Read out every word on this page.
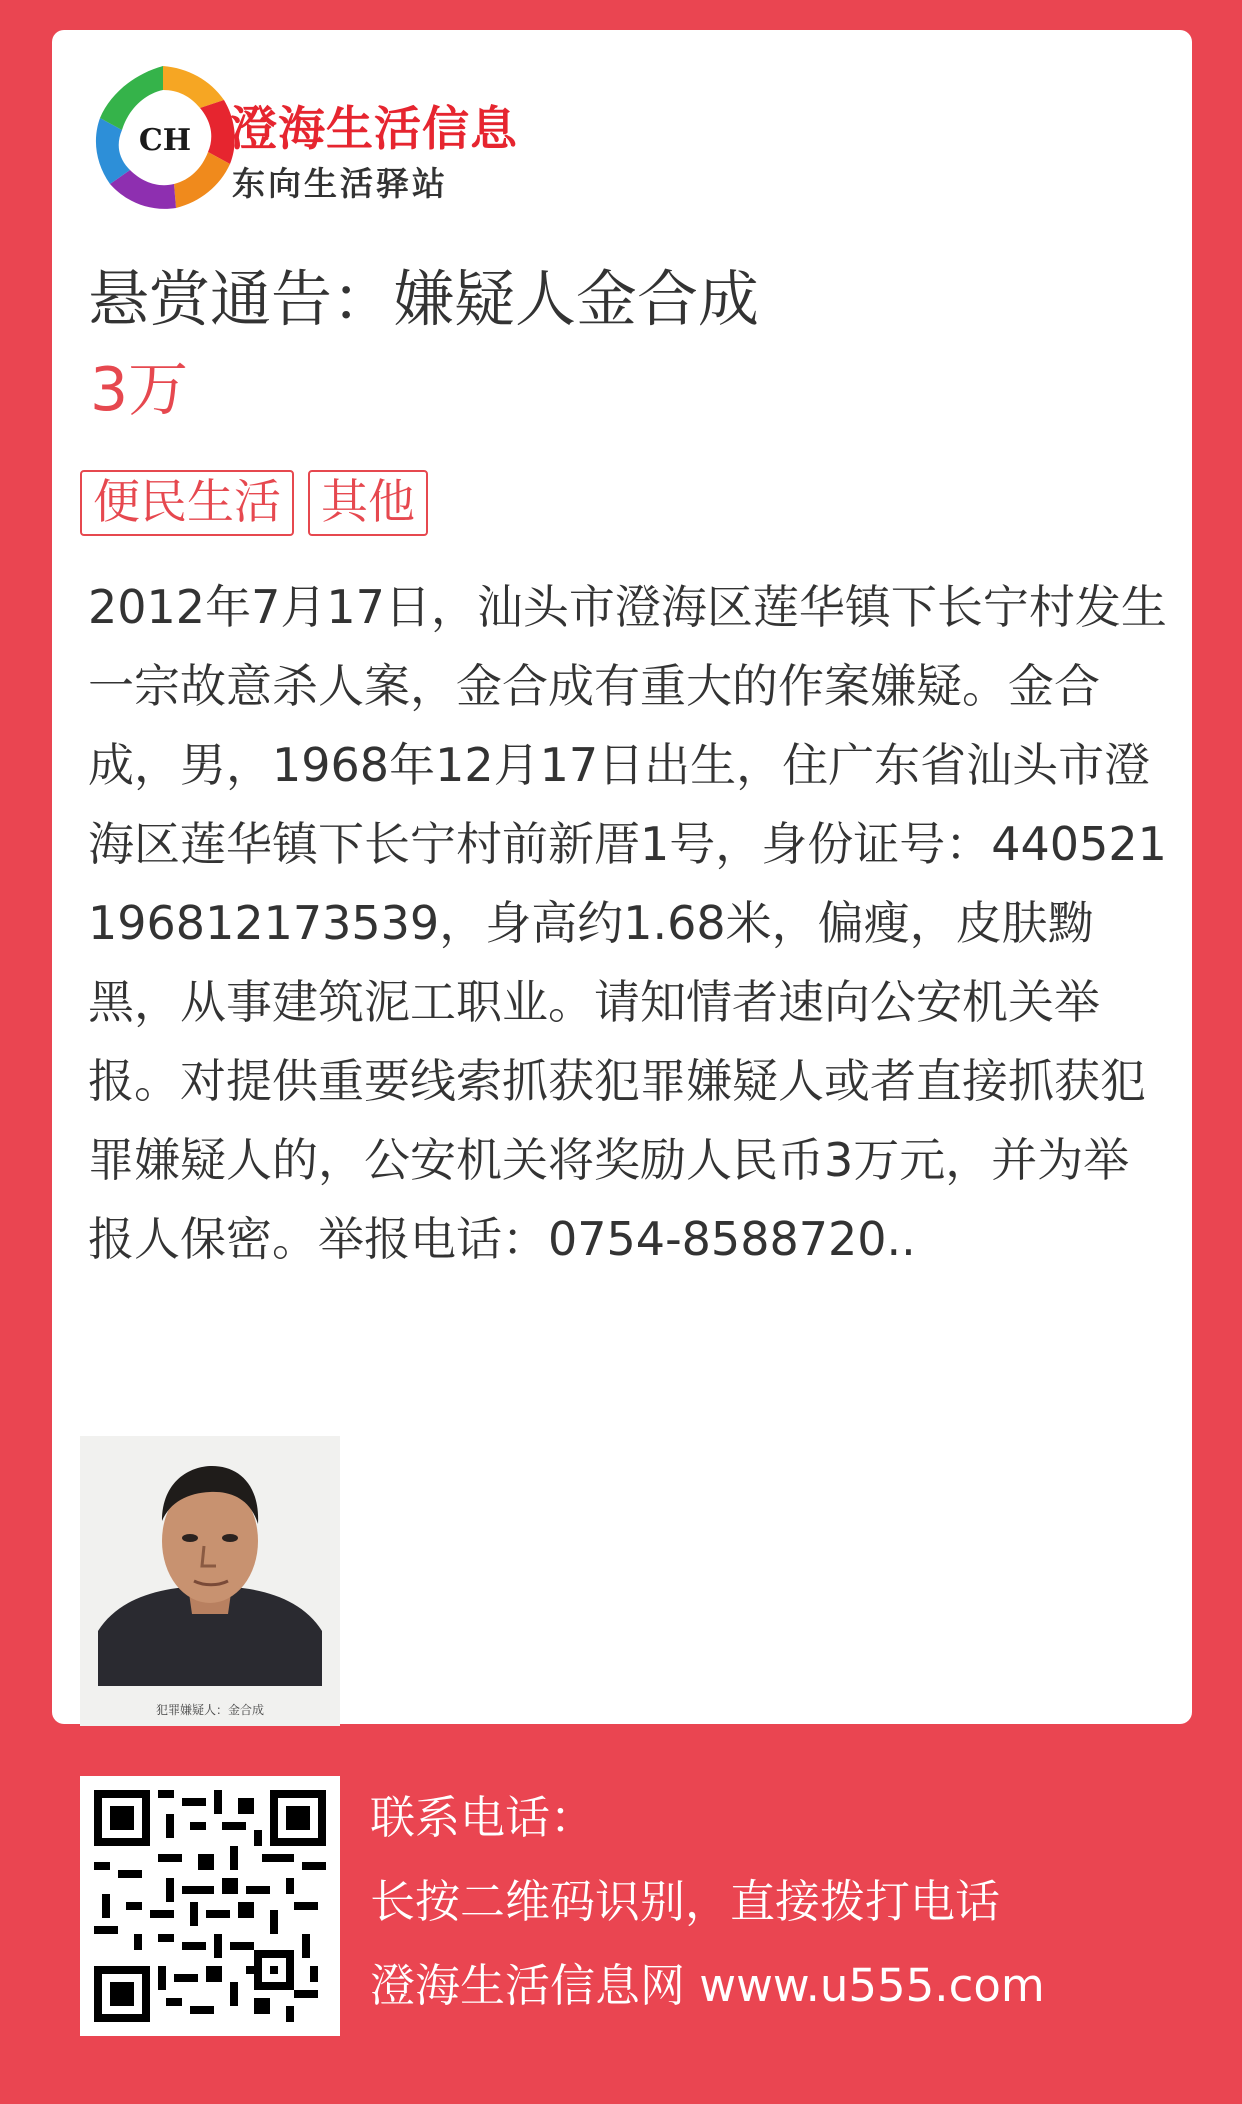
CH 澄海生活信息
东向生活驿站
悬赏通告：嫌疑人金合成
3万
便民生活 其他
2012年7月17日，汕头市澄海区莲华镇下长宁村发生一宗故意杀人案，金合成有重大的作案嫌疑。金合成，男，1968年12月17日出生，住广东省汕头市澄海区莲华镇下长宁村前新厝1号，身份证号：440521196812173539，身高约1.68米，偏瘦，皮肤黝黑，从事建筑泥工职业。请知情者速向公安机关举报。对提供重要线索抓获犯罪嫌疑人或者直接抓获犯罪嫌疑人的，公安机关将奖励人民币3万元，并为举报人保密。举报电话：0754-8588720..
犯罪嫌疑人：金合成
联系电话：
长按二维码识别，直接拨打电话
澄海生活信息网 www.u555.com
